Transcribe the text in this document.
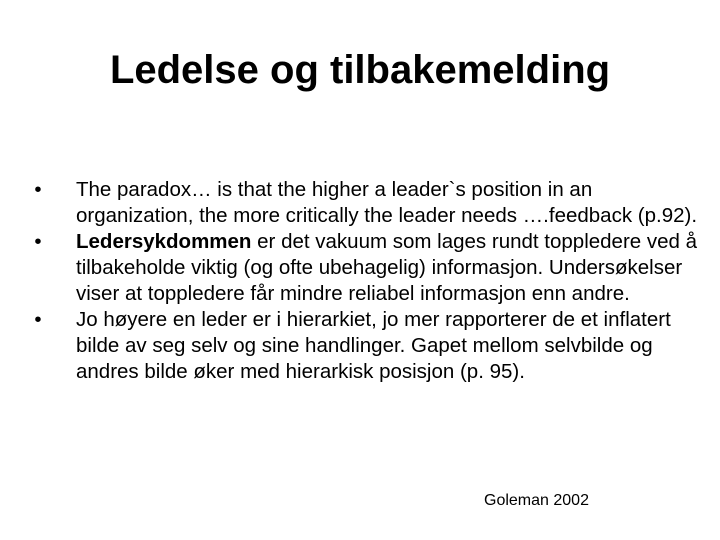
Ledelse og tilbakemelding
• The paradox… is that the higher a leader`s position in an organization, the more critically the leader needs ….feedback (p.92).
• Ledersykdommen er det vakuum som lages rundt toppledere ved å tilbakeholde viktig (og ofte ubehagelig) informasjon. Undersøkelser viser at toppledere får mindre reliabel informasjon enn andre.
• Jo høyere en leder er i hierarkiet, jo mer rapporterer de et inflatert bilde av seg selv og sine handlinger. Gapet mellom selvbilde og andres bilde øker med hierarkisk posisjon (p. 95).
Goleman 2002
